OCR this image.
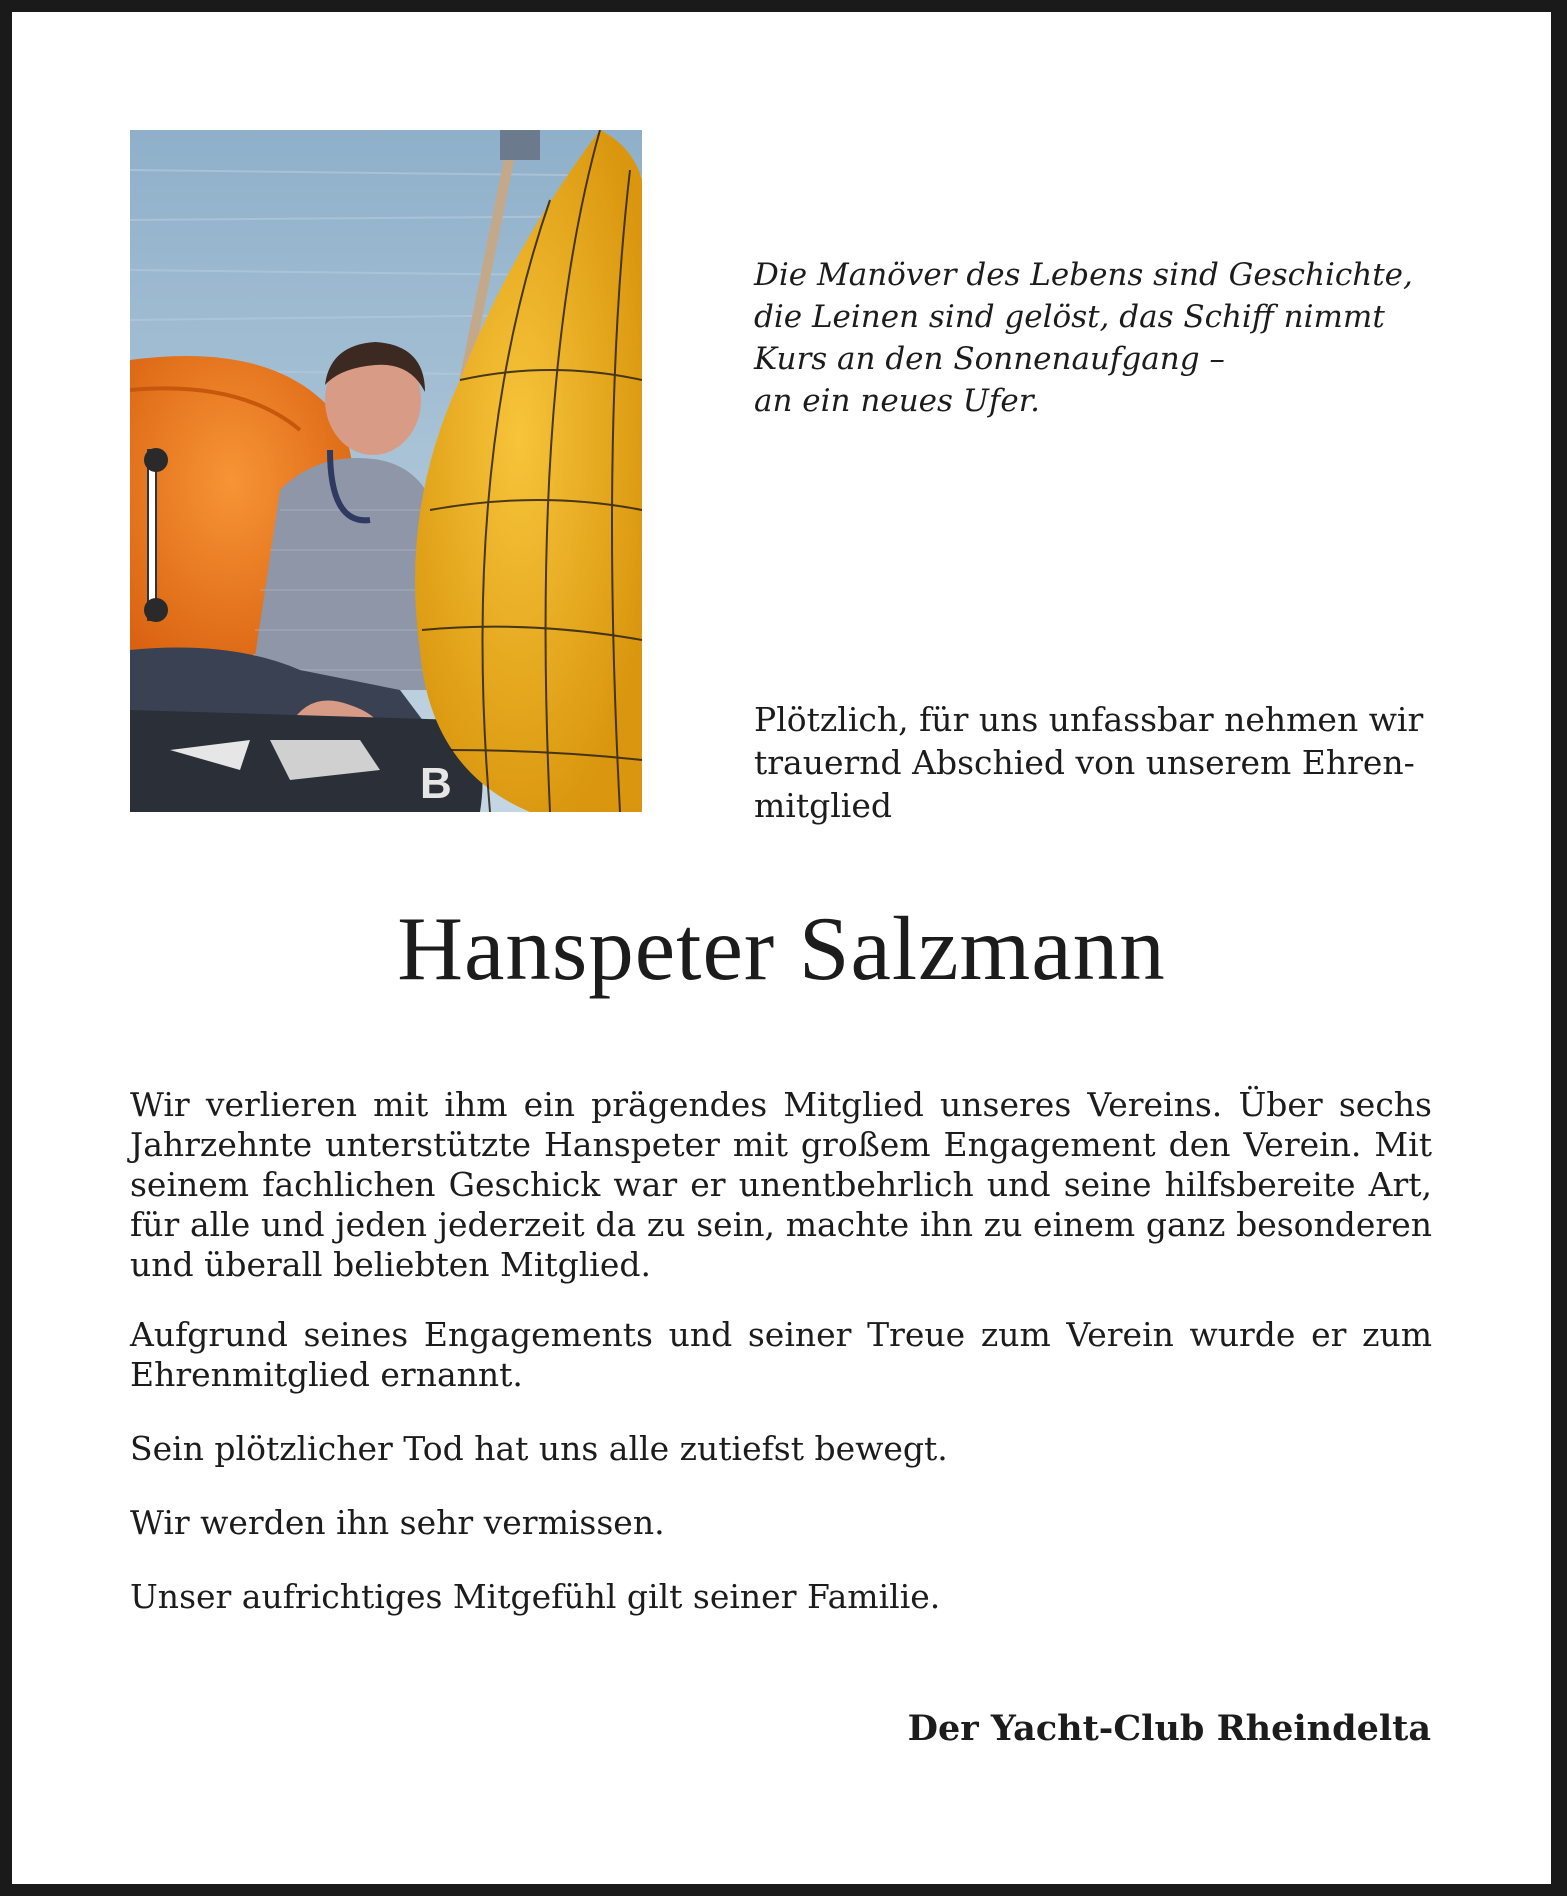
B
Die Manöver des Lebens sind Geschichte,
die Leinen sind gelöst, das Schiff nimmt
Kurs an den Sonnenaufgang –
an ein neues Ufer.
Plötzlich, für uns unfassbar nehmen wir
trauernd Abschied von unserem Ehren-
mitglied
Hanspeter Salzmann

Wir verlieren mit ihm ein prägendes Mitglied unseres Vereins. Über sechs Jahrzehnte unterstützte Hanspeter mit großem Engagement den Verein. Mit seinem fachlichen Geschick war er unentbehrlich und seine hilfsbereite Art, für alle und jeden jederzeit da zu sein, machte ihn zu einem ganz besonderen und überall beliebten Mitglied.

Aufgrund seines Engagements und seiner Treue zum Verein wurde er zum Ehrenmitglied ernannt.

Sein plötzlicher Tod hat uns alle zutiefst bewegt.

Wir werden ihn sehr vermissen.

Unser aufrichtiges Mitgefühl gilt seiner Familie.

Der Yacht-Club Rheindelta
